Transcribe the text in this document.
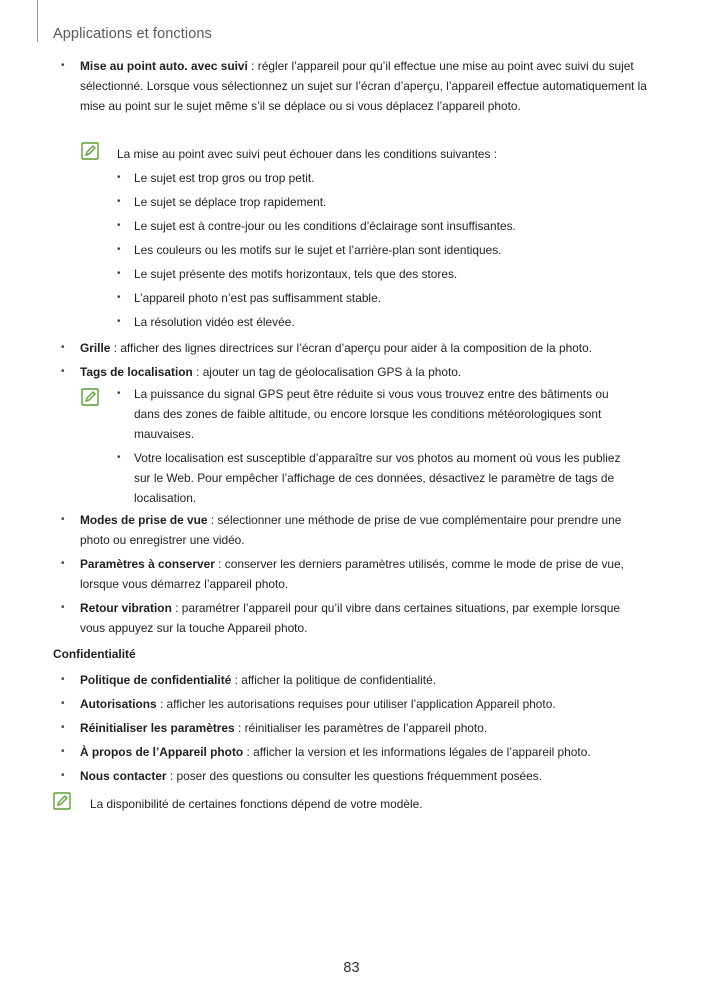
Applications et fonctions
• Mise au point auto. avec suivi : régler l’appareil pour qu’il effectue une mise au point avec suivi du sujet sélectionné. Lorsque vous sélectionnez un sujet sur l’écran d’aperçu, l’appareil effectue automatiquement la mise au point sur le sujet même s’il se déplace ou si vous déplacez l’appareil photo.
La mise au point avec suivi peut échouer dans les conditions suivantes :
• Le sujet est trop gros ou trop petit.
• Le sujet se déplace trop rapidement.
• Le sujet est à contre-jour ou les conditions d’éclairage sont insuffisantes.
• Les couleurs ou les motifs sur le sujet et l’arrière-plan sont identiques.
• Le sujet présente des motifs horizontaux, tels que des stores.
• L’appareil photo n’est pas suffisamment stable.
• La résolution vidéo est élevée.
• Grille : afficher des lignes directrices sur l’écran d’aperçu pour aider à la composition de la photo.
• Tags de localisation : ajouter un tag de géolocalisation GPS à la photo.
• La puissance du signal GPS peut être réduite si vous vous trouvez entre des bâtiments ou dans des zones de faible altitude, ou encore lorsque les conditions météorologiques sont mauvaises.
• Votre localisation est susceptible d’apparaître sur vos photos au moment où vous les publiez sur le Web. Pour empêcher l’affichage de ces données, désactivez le paramètre de tags de localisation.
• Modes de prise de vue : sélectionner une méthode de prise de vue complémentaire pour prendre une photo ou enregistrer une vidéo.
• Paramètres à conserver : conserver les derniers paramètres utilisés, comme le mode de prise de vue, lorsque vous démarrez l’appareil photo.
• Retour vibration : paramétrer l’appareil pour qu’il vibre dans certaines situations, par exemple lorsque vous appuyez sur la touche Appareil photo.
Confidentialité
• Politique de confidentialité : afficher la politique de confidentialité.
• Autorisations : afficher les autorisations requises pour utiliser l’application Appareil photo.
• Réinitialiser les paramètres : réinitialiser les paramètres de l’appareil photo.
• À propos de l’Appareil photo : afficher la version et les informations légales de l’appareil photo.
• Nous contacter : poser des questions ou consulter les questions fréquemment posées.
La disponibilité de certaines fonctions dépend de votre modèle.
83
